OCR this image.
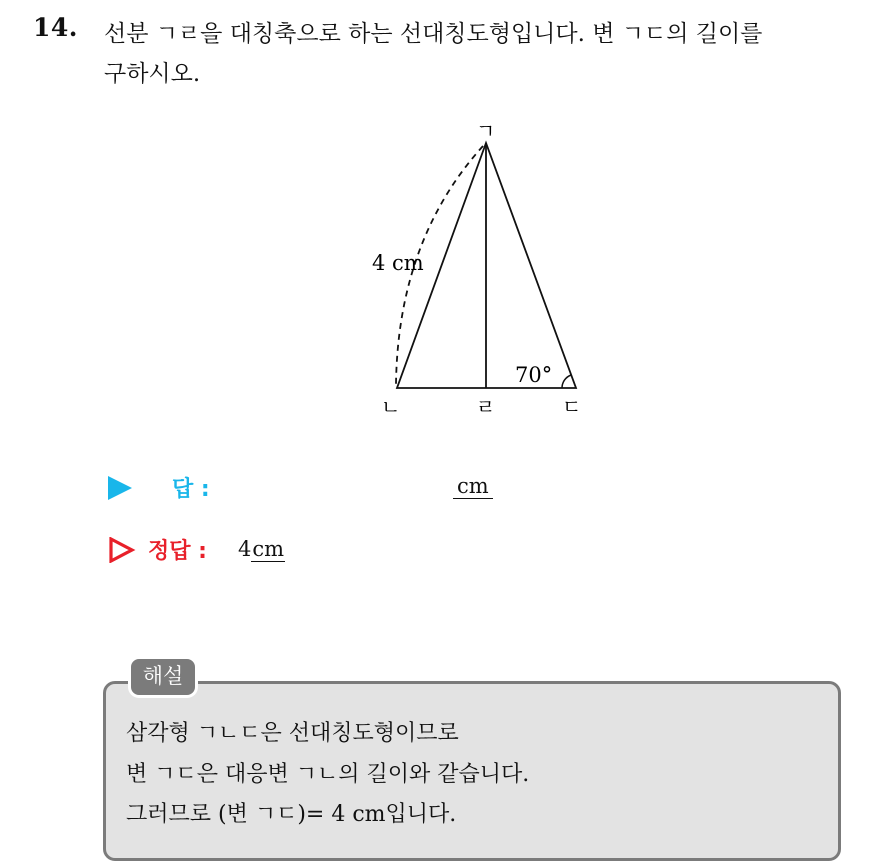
14. 선분 ㄱㄹ을 대칭축으로 하는 선대칭도형입니다. 변 ㄱㄷ의 길이를
구하시오.
ㄱ
ㄴ	ㄹ	ㄷ
4 cm
70°
답 :	cm
정답 : 4cm
해설
삼각형 ㄱㄴㄷ은 선대칭도형이므로
변 ㄱㄷ은 대응변 ㄱㄴ의 길이와 같습니다.
그러므로 (변 ㄱㄷ)= 4 cm입니다.
